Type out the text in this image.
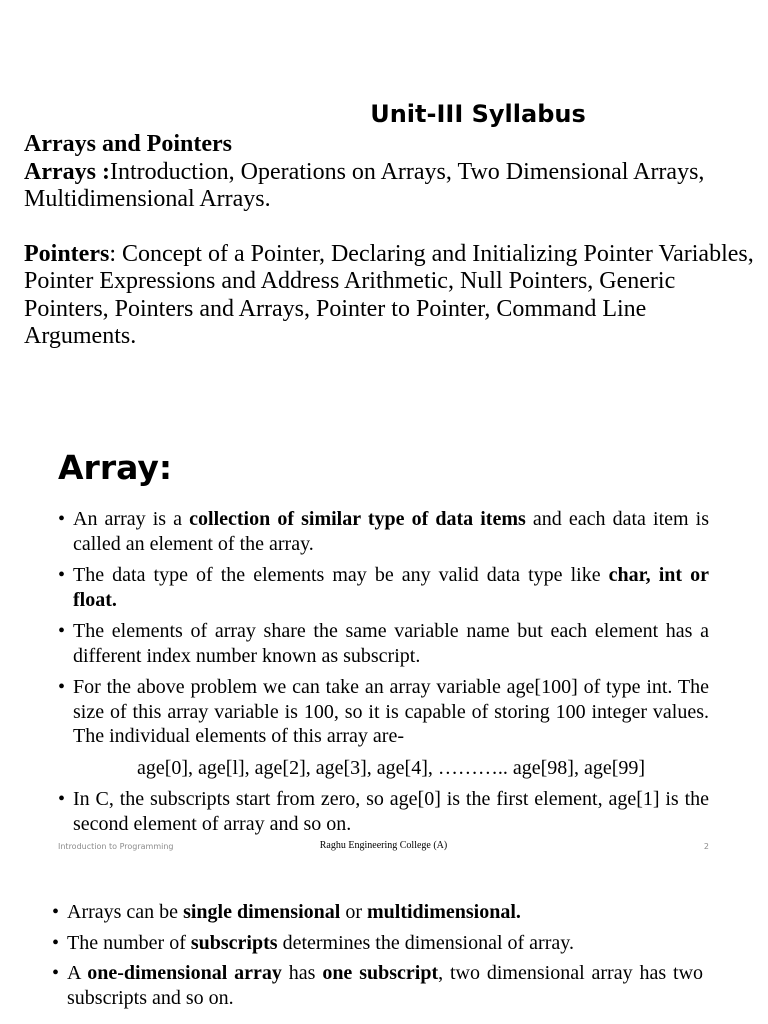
Unit-III Syllabus

Arrays and Pointers

Arrays :Introduction, Operations on Arrays, Two Dimensional Arrays, Multidimensional Arrays.

Pointers: Concept of a Pointer, Declaring and Initializing Pointer Variables, Pointer Expressions and Address Arithmetic, Null Pointers, Generic Pointers, Pointers and Arrays, Pointer to Pointer, Command Line Arguments.

Array:
• An array is a collection of similar type of data items and each data item is called an element of the array.
• The data type of the elements may be any valid data type like char, int or float.
• The elements of array share the same variable name but each element has a different index number known as subscript.
• For the above problem we can take an array variable age[100] of type int. The size of this array variable is 100, so it is capable of storing 100 integer values. The individual elements of this array are-
age[0], age[l], age[2], age[3], age[4], ……….. age[98], age[99]
• In C, the subscripts start from zero, so age[0] is the first element, age[1] is the second element of array and so on.
Introduction to Programming	Raghu Engineering College (A)	2
• Arrays can be single dimensional or multidimensional.
• The number of subscripts determines the dimensional of array.
• A one-dimensional array has one subscript, two dimensional array has two subscripts and so on.
